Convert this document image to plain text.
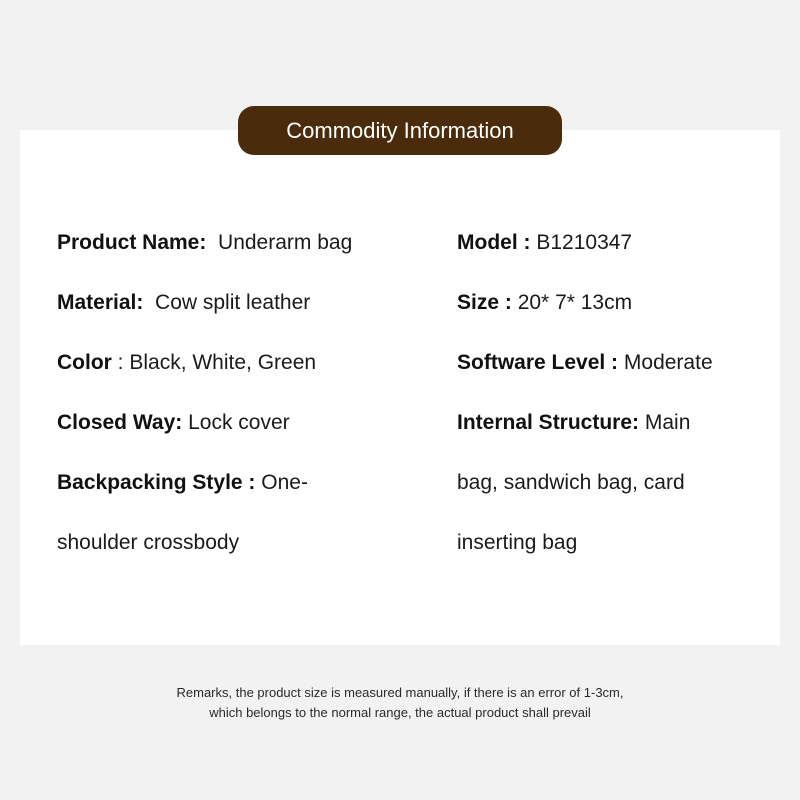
Commodity Information
Product Name: Underarm bag
Material: Cow split leather
Color : Black, White, Green
Closed Way: Lock cover
Backpacking Style : One-
shoulder crossbody
Model : B1210347
Size : 20* 7* 13cm
Software Level : Moderate
Internal Structure: Main
bag, sandwich bag, card
inserting bag
Remarks, the product size is measured manually, if there is an error of 1-3cm,
which belongs to the normal range, the actual product shall prevail
